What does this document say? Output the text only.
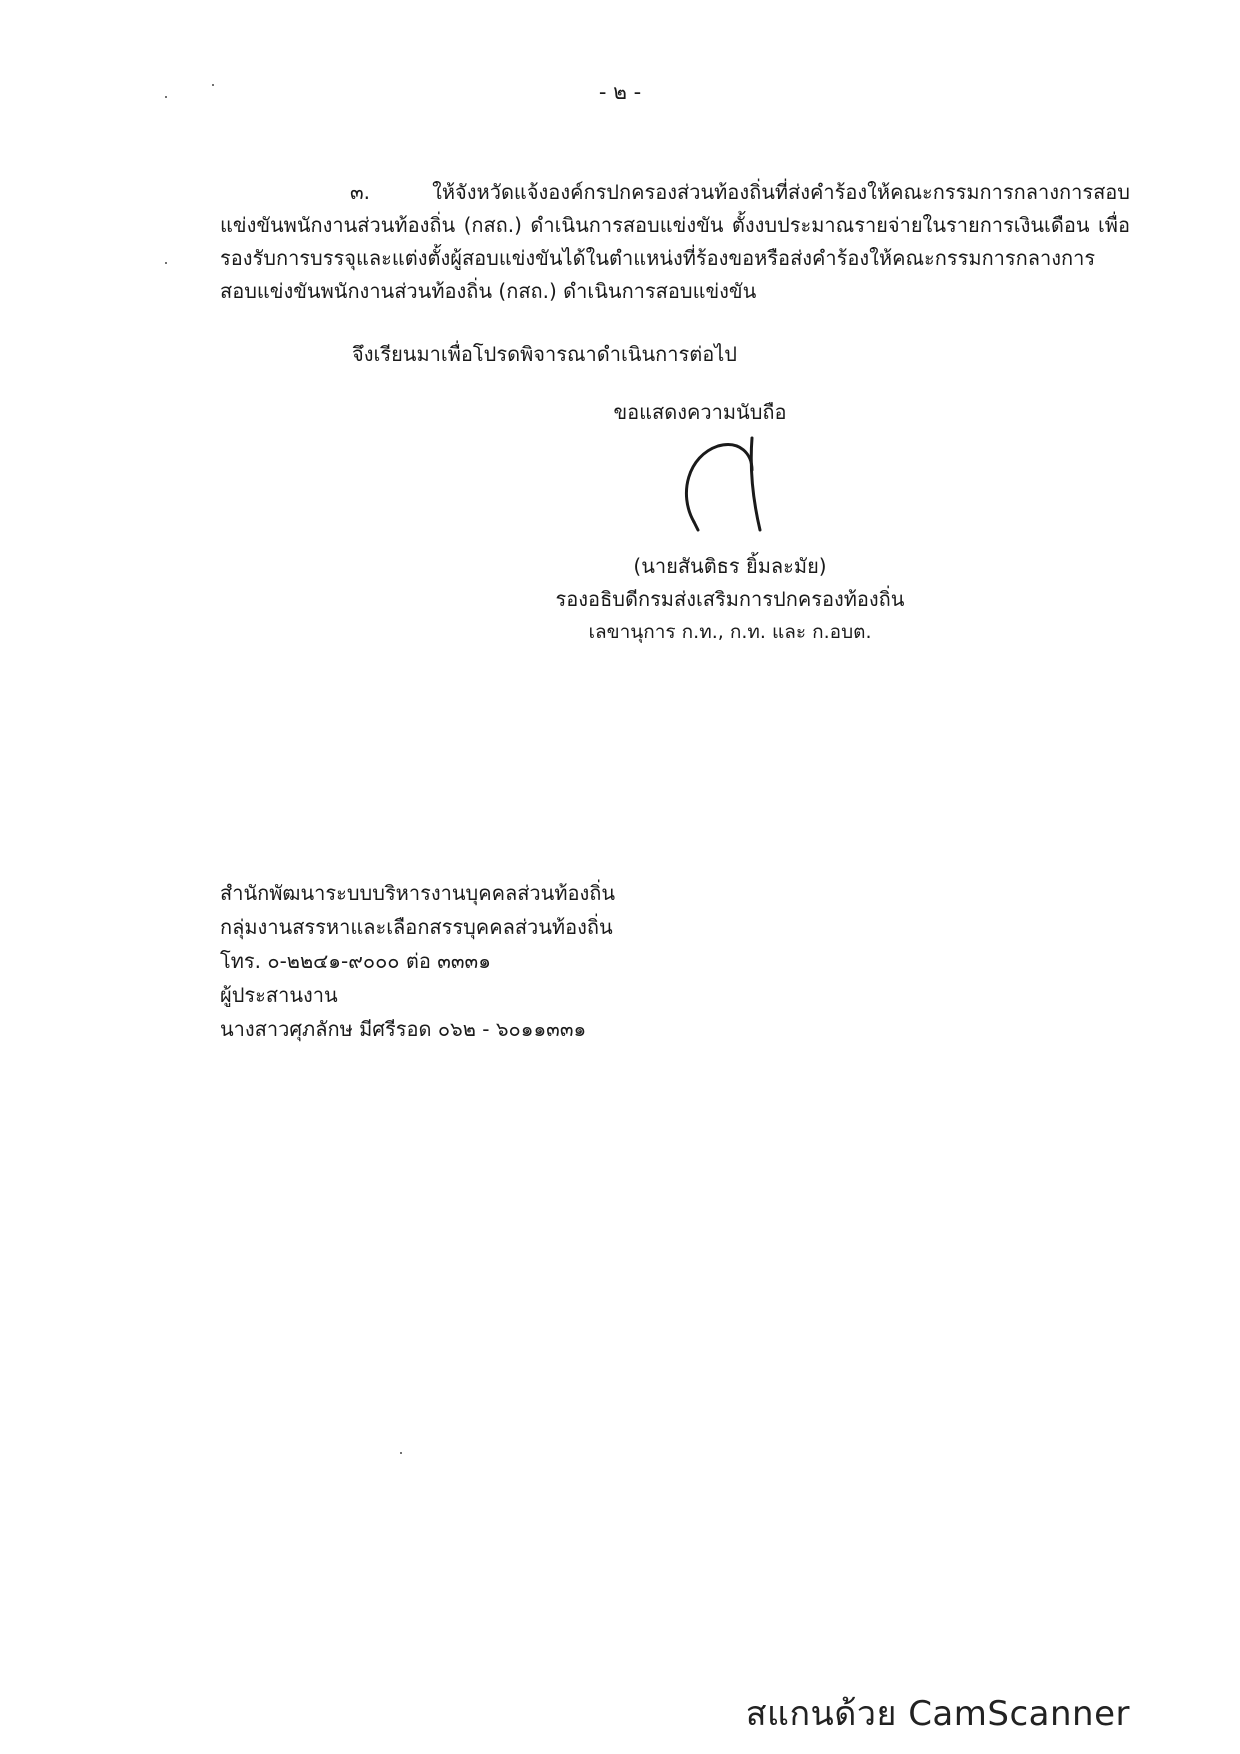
- ๒ -

๓. ให้จังหวัดแจ้งองค์กรปกครองส่วนท้องถิ่นที่ส่งคำร้องให้คณะกรรมการกลางการสอบแข่งขันพนักงานส่วนท้องถิ่น (กสถ.) ดำเนินการสอบแข่งขัน ตั้งงบประมาณรายจ่ายในรายการเงินเดือน เพื่อรองรับการบรรจุและแต่งตั้งผู้สอบแข่งขันได้ในตำแหน่งที่ร้องขอหรือส่งคำร้องให้คณะกรรมการกลางการสอบแข่งขันพนักงานส่วนท้องถิ่น (กสถ.) ดำเนินการสอบแข่งขัน

จึงเรียนมาเพื่อโปรดพิจารณาดำเนินการต่อไป
ขอแสดงความนับถือ
(นายสันติธร ยิ้มละมัย)
รองอธิบดีกรมส่งเสริมการปกครองท้องถิ่น
เลขานุการ ก.ท., ก.ท. และ ก.อบต.
สำนักพัฒนาระบบบริหารงานบุคคลส่วนท้องถิ่น
กลุ่มงานสรรหาและเลือกสรรบุคคลส่วนท้องถิ่น
โทร. ๐-๒๒๔๑-๙๐๐๐ ต่อ ๓๓๓๑
ผู้ประสานงาน
นางสาวศุภลักษ มีศรีรอด ๐๖๒ - ๖๐๑๑๓๓๑
สแกนด้วย CamScanner
